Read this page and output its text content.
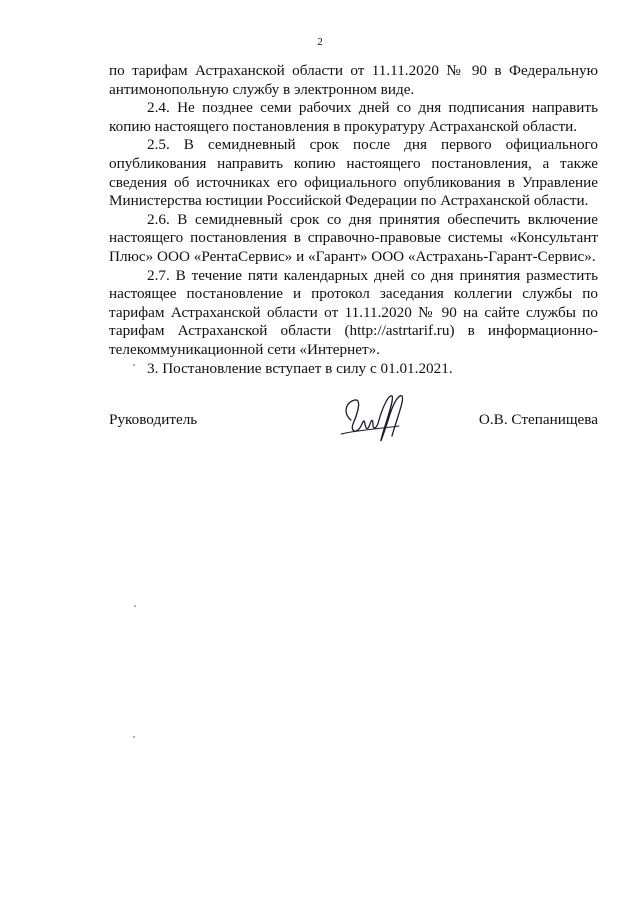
2

по тарифам Астраханской области от 11.11.2020 № 90 в Федеральную антимонопольную службу в электронном виде.

2.4. Не позднее семи рабочих дней со дня подписания направить копию настоящего постановления в прокуратуру Астраханской области.

2.5. В семидневный срок после дня первого официального опубликования направить копию настоящего постановления, а также сведения об источниках его официального опубликования в Управление Министерства юстиции Российской Федерации по Астраханской области.

2.6. В семидневный срок со дня принятия обеспечить включение настоящего постановления в справочно-правовые системы «Консультант Плюс» ООО «РентаСервис» и «Гарант» ООО «Астрахань-Гарант-Сервис».

2.7. В течение пяти календарных дней со дня принятия разместить настоящее постановление и протокол заседания коллегии службы по тарифам Астраханской области от 11.11.2020 № 90 на сайте службы по тарифам Астраханской области (http://astrtarif.ru) в информационно-телекоммуникационной сети «Интернет».

3. Постановление вступает в силу с 01.01.2021.

Руководитель	О.В. Степанищева
